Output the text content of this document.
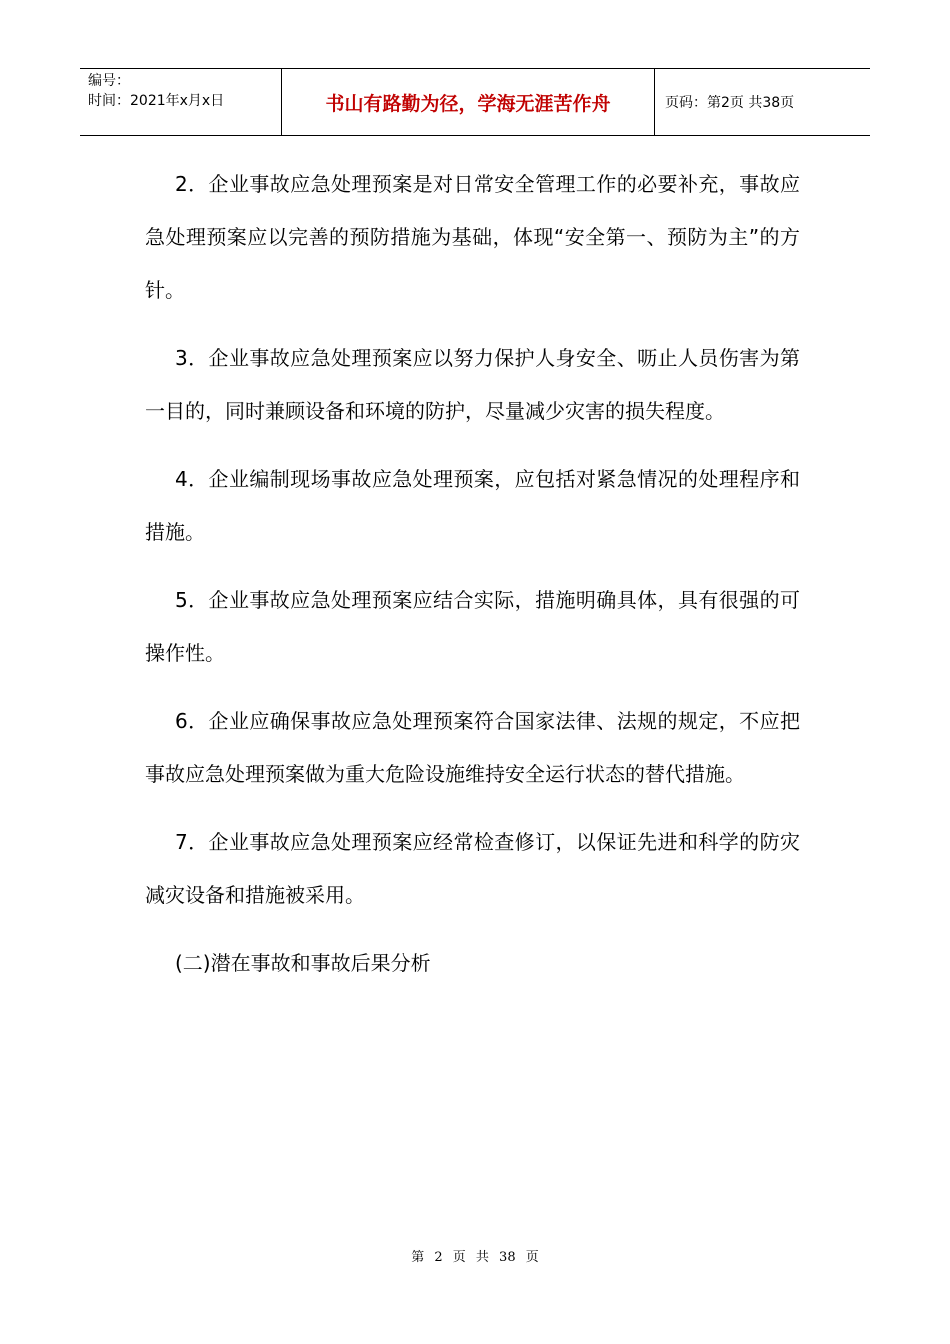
编号：
时间：2021年x月x日	书山有路勤为径，学海无涯苦作舟	页码：第2页 共38页

2．企业事故应急处理预案是对日常安全管理工作的必要补充，事故应急处理预案应以完善的预防措施为基础，体现“安全第一、预防为主”的方针。

3．企业事故应急处理预案应以努力保护人身安全、呖止人员伤害为第一目的，同时兼顾设备和环境的防护，尽量减少灾害的损失程度。

4．企业编制现场事故应急处理预案，应包括对紧急情况的处理程序和措施。

5．企业事故应急处理预案应结合实际，措施明确具体，具有很强的可操作性。

6．企业应确保事故应急处理预案符合国家法律、法规的规定，不应把事故应急处理预案做为重大危险设施维持安全运行状态的替代措施。

7．企业事故应急处理预案应经常检查修订，以保证先进和科学的防灾减灾设备和措施被采用。

(二)潜在事故和事故后果分析

第 2 页 共 38 页
